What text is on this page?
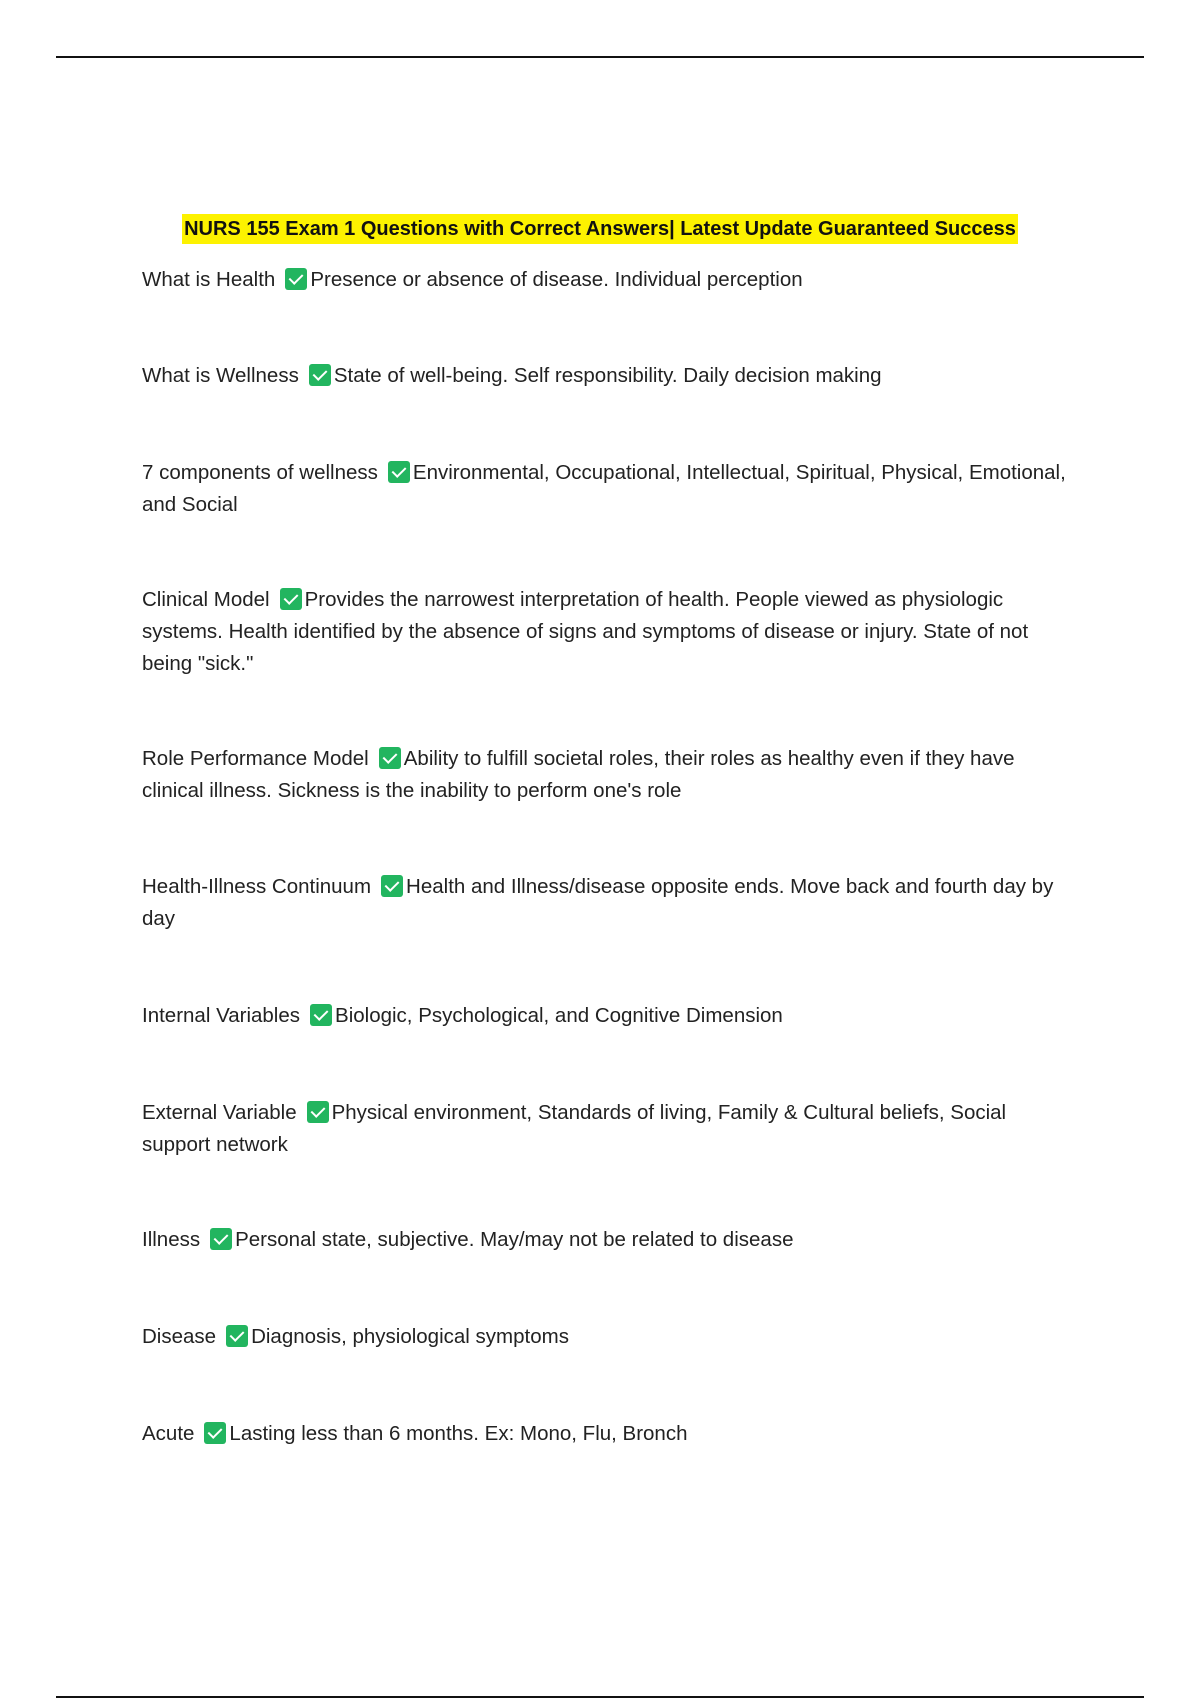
NURS 155 Exam 1 Questions with Correct Answers| Latest Update Guaranteed Success
What is Health Presence or absence of disease. Individual perception
What is Wellness State of well-being. Self responsibility. Daily decision making
7 components of wellness Environmental, Occupational, Intellectual, Spiritual, Physical, Emotional, and Social
Clinical Model Provides the narrowest interpretation of health. People viewed as physiologic systems. Health identified by the absence of signs and symptoms of disease or injury. State of not being "sick."
Role Performance Model Ability to fulfill societal roles, their roles as healthy even if they have clinical illness. Sickness is the inability to perform one's role
Health-Illness Continuum Health and Illness/disease opposite ends. Move back and fourth day by day
Internal Variables Biologic, Psychological, and Cognitive Dimension
External Variable Physical environment, Standards of living, Family & Cultural beliefs, Social support network
Illness Personal state, subjective. May/may not be related to disease
Disease Diagnosis, physiological symptoms
Acute Lasting less than 6 months. Ex: Mono, Flu, Bronch
